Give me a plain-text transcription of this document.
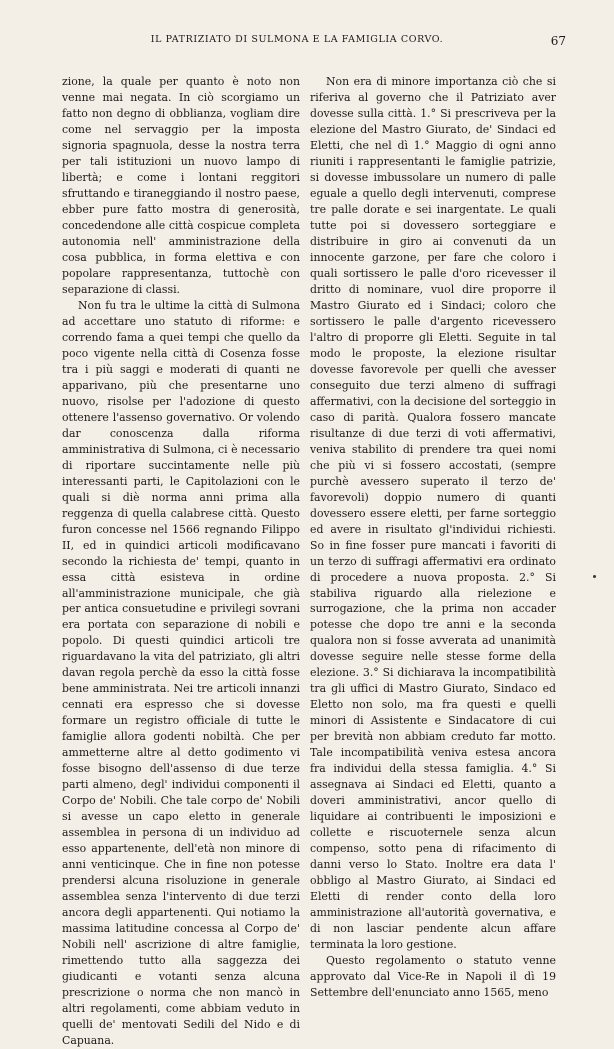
IL PATRIZIATO DI SULMONA E LA FAMIGLIA CORVO.	67

zione, la quale per quanto è noto non venne mai negata. In ciò scorgiamo un fatto non degno di obblianza, vogliam dire come nel servaggio per la imposta signoria spagnuola, desse la nostra terra per tali istituzioni un nuovo lampo di libertà; e come i lontani reggitori sfruttando e tiraneggiando il nostro paese, ebber pure fatto mostra di generosità, concedendone alle città cospicue completa autonomia nell' amministrazione della cosa pubblica, in forma elettiva e con popolare rappresentanza, tuttochè con separazione di classi.

Non fu tra le ultime la città di Sulmona ad accettare uno statuto di riforme: e correndo fama a quei tempi che quello da poco vigente nella città di Cosenza fosse tra i più saggi e moderati di quanti ne apparivano, più che presentarne uno nuovo, risolse per l'adozione di questo ottenere l'assenso governativo. Or volendo dar conoscenza dalla riforma amministrativa di Sulmona, ci è necessario di riportare succintamente nelle più interessanti parti, le Capitolazioni con le quali si diè norma anni prima alla reggenza di quella calabrese città. Questo furon concesse nel 1566 regnando Filippo II, ed in quindici articoli modificavano secondo la richiesta de' tempi, quanto in essa città esisteva in ordine all'amministrazione municipale, che già per antica consuetudine e privilegi sovrani era portata con separazione di nobili e popolo. Di questi quindici articoli tre riguardavano la vita del patriziato, gli altri davan regola perchè da esso la città fosse bene amministrata. Nei tre articoli innanzi cennati era espresso che si dovesse formare un registro officiale di tutte le famiglie allora godenti nobiltà. Che per ammetterne altre al detto godimento vi fosse bisogno dell'assenso di due terze parti almeno, degl' individui componenti il Corpo de' Nobili. Che tale corpo de' Nobili si avesse un capo eletto in generale assemblea in persona di un individuo ad esso appartenente, dell'età non minore di anni venticinque. Che in fine non potesse prendersi alcuna risoluzione in generale assemblea senza l'intervento di due terzi ancora degli appartenenti. Qui notiamo la massima latitudine concessa al Corpo de' Nobili nell' ascrizione di altre famiglie, rimettendo tutto alla saggezza dei giudicanti e votanti senza alcuna prescrizione o norma che non mancò in altri regolamenti, come abbiam veduto in quelli de' mentovati Sedili del Nido e di Capuana.

Non era di minore importanza ciò che si riferiva al governo che il Patriziato aver dovesse sulla città. 1.° Si prescriveva per la elezione del Mastro Giurato, de' Sindaci ed Eletti, che nel dì 1.° Maggio di ogni anno riuniti i rappresentanti le famiglie patrizie, si dovesse imbussolare un numero di palle eguale a quello degli intervenuti, comprese tre palle dorate e sei inargentate. Le quali tutte poi si dovessero sorteggiare e distribuire in giro ai convenuti da un innocente garzone, per fare che coloro i quali sortissero le palle d'oro ricevesser il dritto di nominare, vuol dire proporre il Mastro Giurato ed i Sindaci; coloro che sortissero le palle d'argento ricevessero l'altro di proporre gli Eletti. Seguite in tal modo le proposte, la elezione risultar dovesse favorevole per quelli che avesser conseguito due terzi almeno di suffragi affermativi, con la decisione del sorteggio in caso di parità. Qualora fossero mancate risultanze di due terzi di voti affermativi, veniva stabilito di prendere tra quei nomi che più vi si fossero accostati, (sempre purchè avessero superato il terzo de' favorevoli) doppio numero di quanti dovessero essere eletti, per farne sorteggio ed avere in risultato gl'individui richiesti. So in fine fosser pure mancati i favoriti di un terzo di suffragi affermativi era ordinato di procedere a nuova proposta. 2.° Si stabiliva riguardo alla rielezione e surrogazione, che la prima non accader potesse che dopo tre anni e la seconda qualora non si fosse avverata ad unanimità dovesse seguire nelle stesse forme della elezione. 3.° Si dichiarava la incompatibilità tra gli uffici di Mastro Giurato, Sindaco ed Eletto non solo, ma fra questi e quelli minori di Assistente e Sindacatore di cui per brevità non abbiam creduto far motto. Tale incompatibilità veniva estesa ancora fra individui della stessa famiglia. 4.° Si assegnava ai Sindaci ed Eletti, quanto a doveri amministrativi, ancor quello di liquidare ai contribuenti le imposizioni e collette e riscuoternele senza alcun compenso, sotto pena di rifacimento di danni verso lo Stato. Inoltre era data l' obbligo al Mastro Giurato, ai Sindaci ed Eletti di render conto della loro amministrazione all'autorità governativa, e di non lasciar pendente alcun affare terminata la loro gestione.

Questo regolamento o statuto venne approvato dal Vice-Re in Napoli il dì 19 Settembre dell'enunciato anno 1565, meno
